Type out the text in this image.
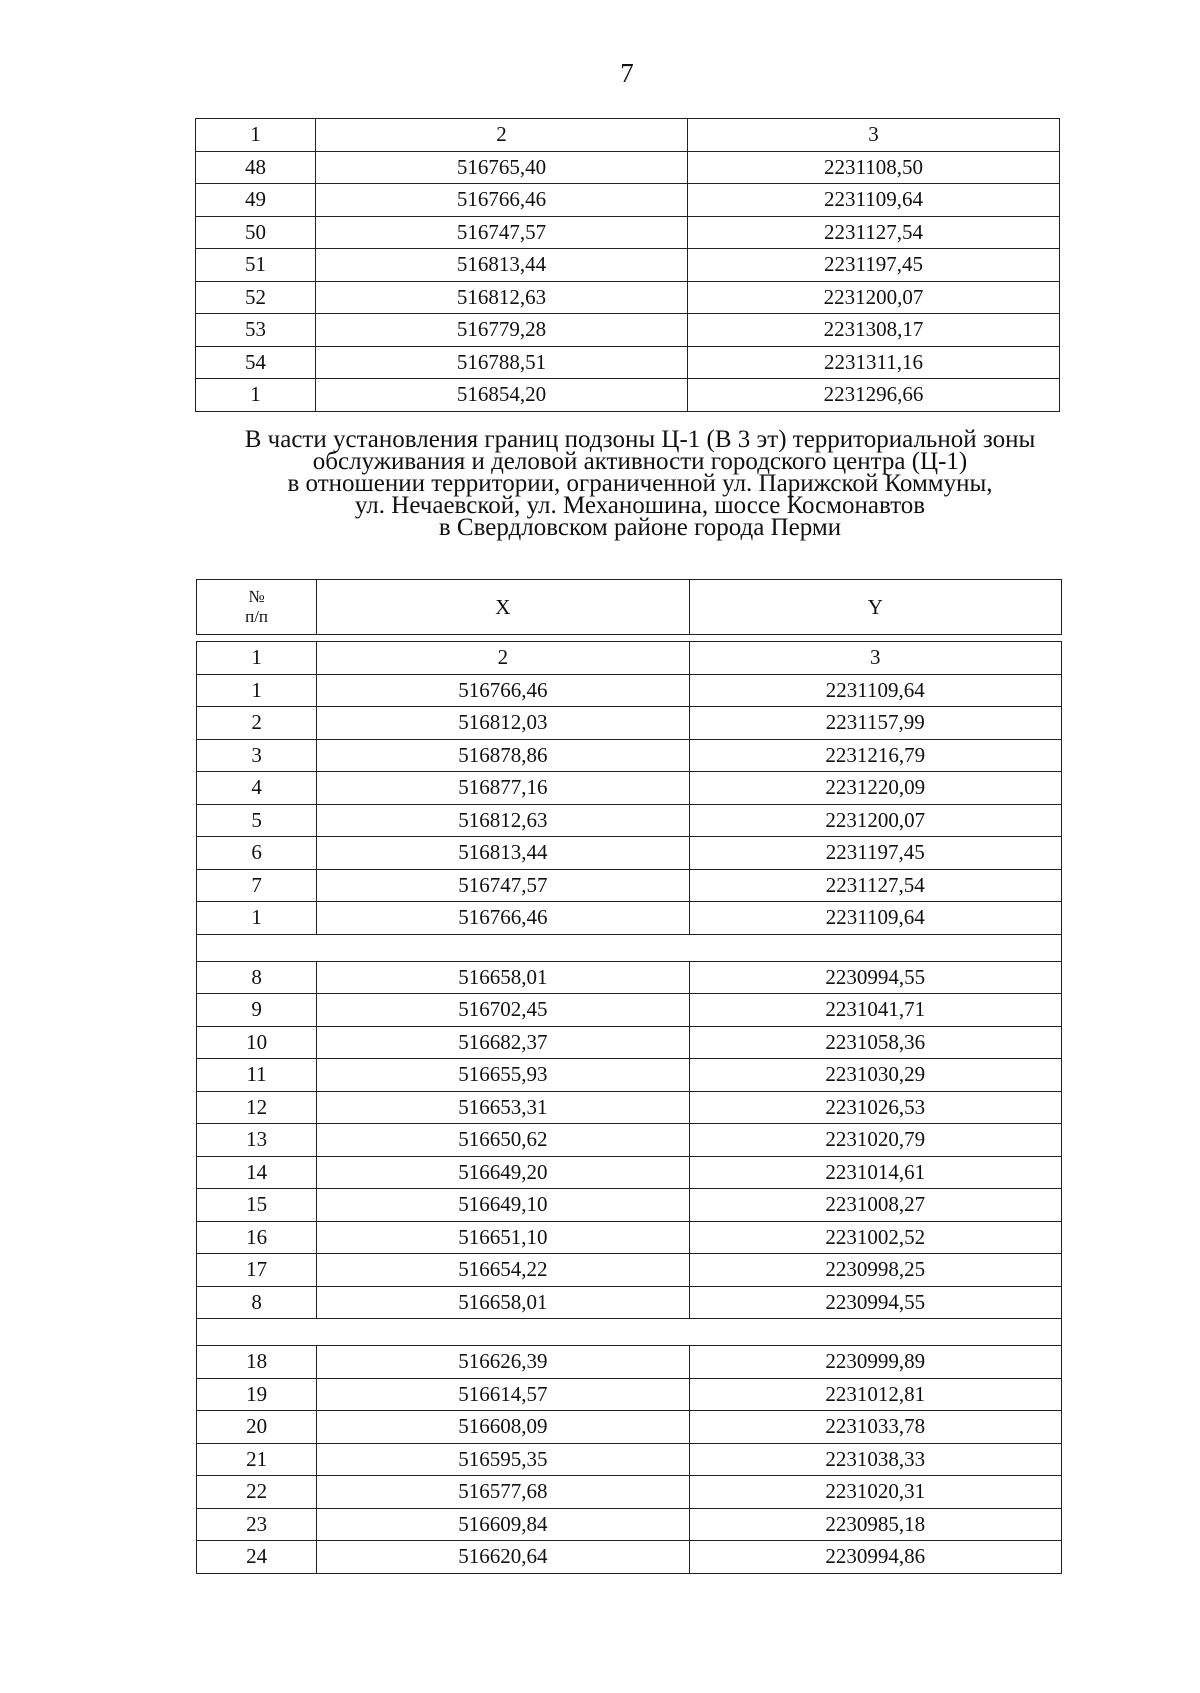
7
1	2	3
48	516765,40	2231108,50
49	516766,46	2231109,64
50	516747,57	2231127,54
51	516813,44	2231197,45
52	516812,63	2231200,07
53	516779,28	2231308,17
54	516788,51	2231311,16
1	516854,20	2231296,66
В части установления границ подзоны Ц-1 (В 3 эт) территориальной зоны
обслуживания и деловой активности городского центра (Ц-1)
в отношении территории, ограниченной ул. Парижской Коммуны,
ул. Нечаевской, ул. Механошина, шоссе Космонавтов
в Свердловском районе города Перми
№
п/п	X	Y

1	2	3
1	516766,46	2231109,64
2	516812,03	2231157,99
3	516878,86	2231216,79
4	516877,16	2231220,09
5	516812,63	2231200,07
6	516813,44	2231197,45
7	516747,57	2231127,54
1	516766,46	2231109,64

8	516658,01	2230994,55
9	516702,45	2231041,71
10	516682,37	2231058,36
11	516655,93	2231030,29
12	516653,31	2231026,53
13	516650,62	2231020,79
14	516649,20	2231014,61
15	516649,10	2231008,27
16	516651,10	2231002,52
17	516654,22	2230998,25
8	516658,01	2230994,55

18	516626,39	2230999,89
19	516614,57	2231012,81
20	516608,09	2231033,78
21	516595,35	2231038,33
22	516577,68	2231020,31
23	516609,84	2230985,18
24	516620,64	2230994,86
